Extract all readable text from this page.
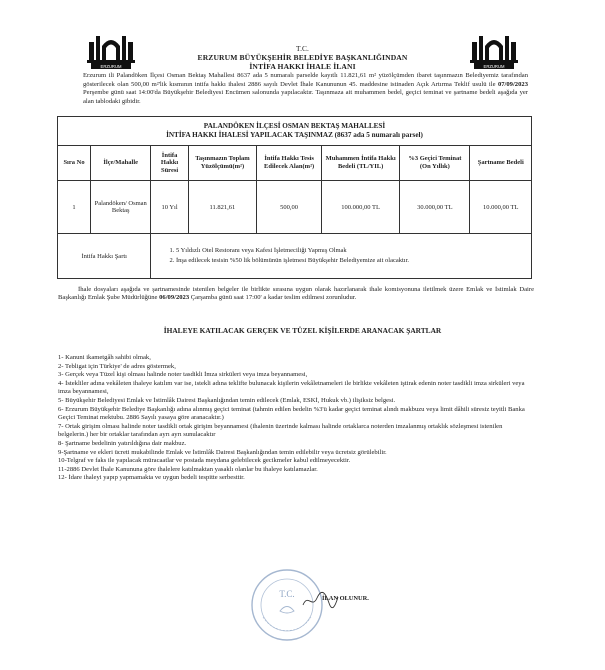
ERZURUM	ERZURUM
T.C.
ERZURUM BÜYÜKŞEHİR BELEDİYE BAŞKANLIĞINDAN
İNTİFA HAKKI İHALE İLANI
Erzurum ili Palandöken İlçesi Osman Bektaş Mahallesi 8637 ada 5 numaralı parselde kayıtlı 11.821,61 m² yüzölçümden ibaret taşınmazın Belediyemiz tarafından gösterilecek olan 500,00 m²'lik kısmının intifa hakkı ihalesi 2886 sayılı Devlet İhale Kanununun 45. maddesine istinaden Açık Artırma Teklif usulü ile 07/09/2023 Perşembe günü saat 14:00'da Büyükşehir Belediyesi Encümen salonunda yapılacaktır. Taşınmaza ait muhammen bedel, geçici teminat ve şartname bedeli aşağıda yer alan tablodaki gibidir.
PALANDÖKEN İLÇESİ OSMAN BEKTAŞ MAHALLESİ
İNTİFA HAKKI İHALESİ YAPILACAK TAŞINMAZ (8637 ada 5 numaralı parsel)							

Sıra No	İlçe/Mahalle	İntifa Hakkı Süresi	Taşınmazın Toplam Yüzölçümü(m²)	İntifa Hakkı Tesis Edilecek Alan(m²)	Muhammen İntifa Hakkı Bedeli (TL/YIL)	%3 Geçici Teminat (On Yıllık)	Şartname Bedeli
1	Palandöken/ Osman Bektaş	10 Yıl	11.821,61	500,00	100.000,00 TL	30.000,00 TL	10.000,00 TL
İntifa Hakkı Şartı		1. 5 Yıldızlı Otel Restoranı veya Kafesi İşletmeciliği Yapmış Olmak
2. İnşa edilecek tesisin %50 lik bölümünün işletmesi Büyükşehir Belediyemize ait olacaktır.					
İhale dosyaları aşağıda ve şartnamesinde istenilen belgeler ile birlikte sırasına uygun olarak hazırlanarak ihale komisyonuna iletilmek üzere Emlak ve İstimlak Daire Başkanlığı Emlak Şube Müdürlüğüne 06/09/2023 Çarşamba günü saat 17:00' a kadar teslim edilmesi zorunludur.
İHALEYE KATILACAK GERÇEK VE TÜZEL KİŞİLERDE ARANACAK ŞARTLAR
1- Kanuni ikametgâh sahibi olmak,
2- Tebligat için Türkiye' de adres göstermek,
3- Gerçek veya Tüzel kişi olması halinde noter tasdikli İmza sirküleri veya imza beyannamesi,
4- İstekliler adına vekâleten ihaleye katılım var ise, istekli adına teklifte bulunacak kişilerin vekâletnameleri ile birlikte vekâleten iştirak edenin noter tasdikli imza sirküleri veya imza beyannamesi,
5- Büyükşehir Belediyesi Emlak ve İstimlâk Dairesi Başkanlığından temin edilecek (Emlak, ESKİ, Hukuk vb.) ilişiksiz belgesi.
6- Erzurum Büyükşehir Belediye Başkanlığı adına alınmış geçici teminat (tahmin edilen bedelin %3'ü kadar geçici teminat alındı makbuzu veya limit dâhili süresiz teyitli Banka Geçici Teminat mektubu. 2886 Sayılı yasaya göre aranacaktır.)
7- Ortak girişim olması halinde noter tasdikli ortak girişim beyannamesi (ihalenin üzerinde kalması halinde ortaklarca noterden imzalanmış ortaklık sözleşmesi istenilen belgelerin.) her bir ortaklar tarafından ayrı ayrı sunulacaktır
8- Şartname bedelinin yatırıldığına dair makbuz.
9-Şartname ve ekleri ücreti mukabilinde Emlak ve İstimlâk Dairesi Başkanlığından temin edilebilir veya ücretsiz görülebilir.
10-Telgraf ve faks ile yapılacak müracaatlar ve postada meydana gelebilecek gecikmeler kabul edilmeyecektir.
11-2886 Devlet İhale Kanununa göre ihalelere katılmaktan yasaklı olanlar bu ihaleye katılamazlar.
12- İdare ihaleyi yapıp yapmamakta ve uygun bedeli tespitte serbesttir.
T.C.	İLAN OLUNUR.
